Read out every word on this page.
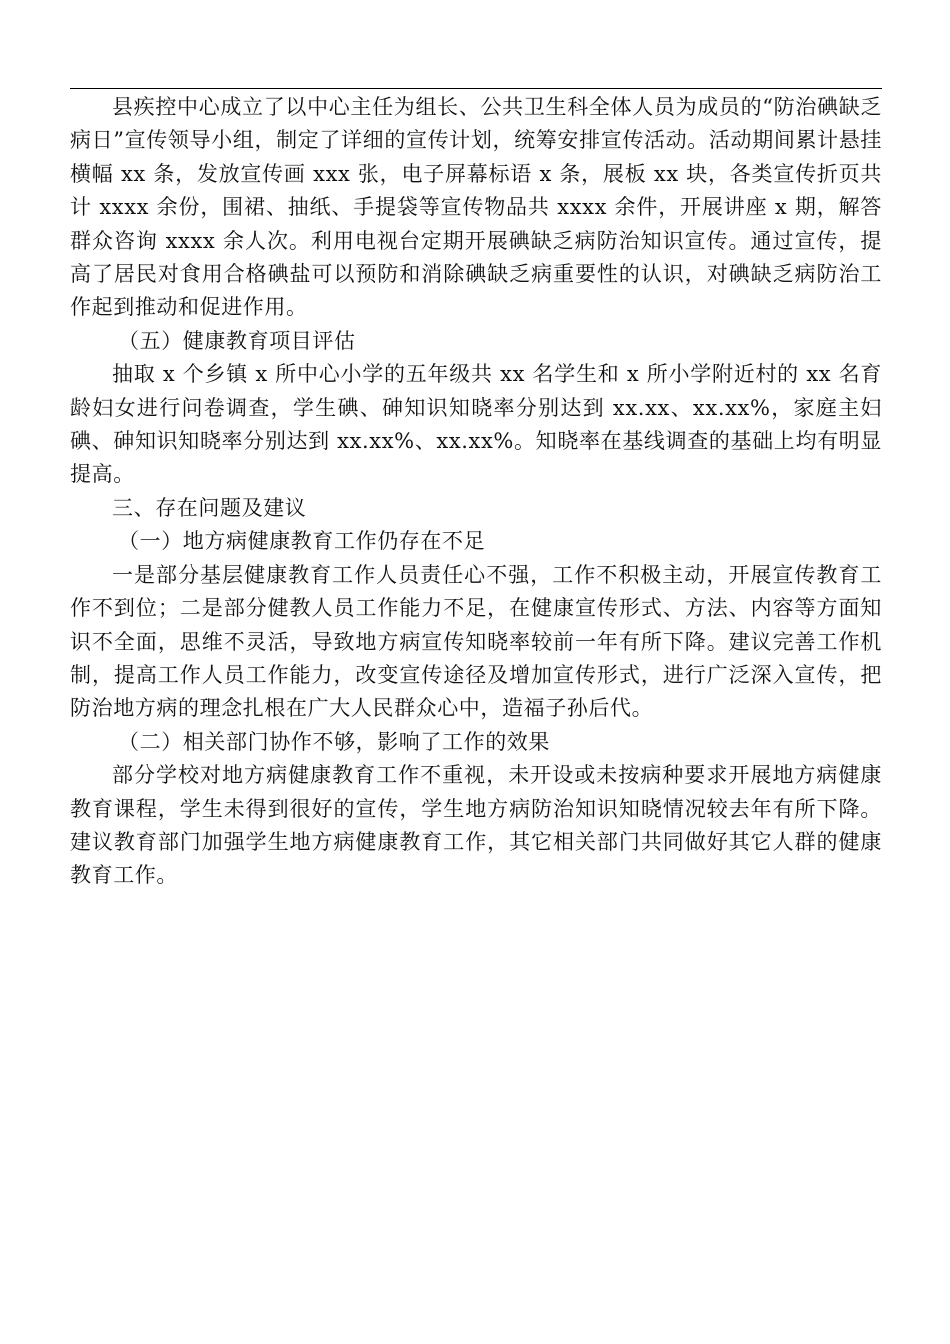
县疾控中心成立了以中心主任为组长、公共卫生科全体人员为成员的“防治碘缺乏病日”宣传领导小组，制定了详细的宣传计划，统筹安排宣传活动。活动期间累计悬挂横幅 xx 条，发放宣传画 xxx 张，电子屏幕标语 x 条，展板 xx 块，各类宣传折页共计 xxxx 余份，围裙、抽纸、手提袋等宣传物品共 xxxx 余件，开展讲座 x 期，解答群众咨询 xxxx 余人次。利用电视台定期开展碘缺乏病防治知识宣传。通过宣传，提高了居民对食用合格碘盐可以预防和消除碘缺乏病重要性的认识，对碘缺乏病防治工作起到推动和促进作用。

（五）健康教育项目评估

抽取 x 个乡镇 x 所中心小学的五年级共 xx 名学生和 x 所小学附近村的 xx 名育龄妇女进行问卷调查，学生碘、砷知识知晓率分别达到 xx.xx、xx.xx%，家庭主妇碘、砷知识知晓率分别达到 xx.xx%、xx.xx%。知晓率在基线调查的基础上均有明显提高。

三、存在问题及建议

（一）地方病健康教育工作仍存在不足

一是部分基层健康教育工作人员责任心不强，工作不积极主动，开展宣传教育工作不到位；二是部分健教人员工作能力不足，在健康宣传形式、方法、内容等方面知识不全面，思维不灵活，导致地方病宣传知晓率较前一年有所下降。建议完善工作机制，提高工作人员工作能力，改变宣传途径及增加宣传形式，进行广泛深入宣传，把防治地方病的理念扎根在广大人民群众心中，造福子孙后代。

（二）相关部门协作不够，影响了工作的效果

部分学校对地方病健康教育工作不重视，未开设或未按病种要求开展地方病健康教育课程，学生未得到很好的宣传，学生地方病防治知识知晓情况较去年有所下降。建议教育部门加强学生地方病健康教育工作，其它相关部门共同做好其它人群的健康教育工作。
